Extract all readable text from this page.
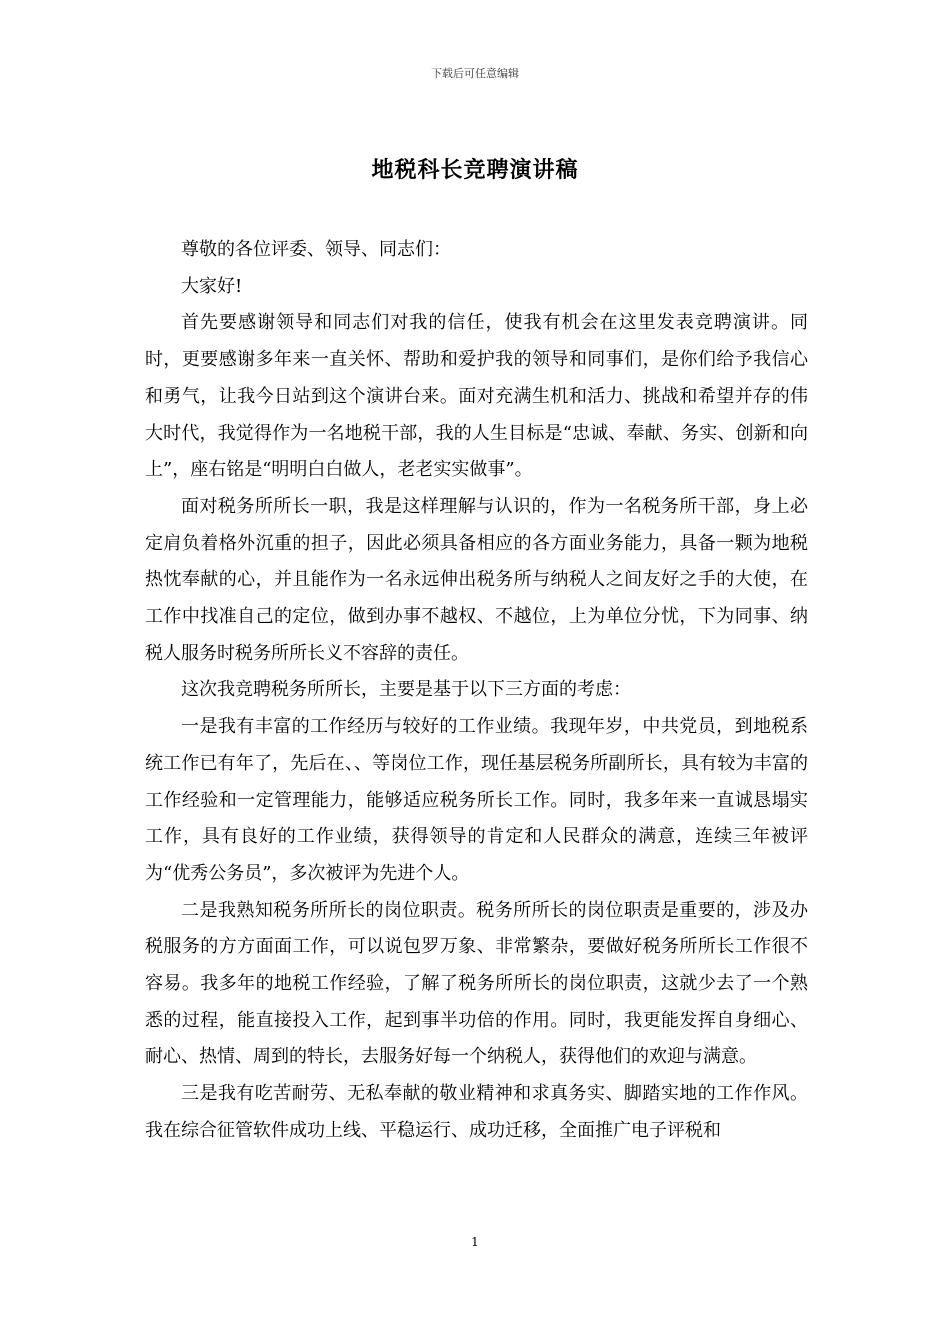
下载后可任意编辑
地税科长竞聘演讲稿

尊敬的各位评委、领导、同志们：

大家好!

首先要感谢领导和同志们对我的信任，使我有机会在这里发表竞聘演讲。同时，更要感谢多年来一直关怀、帮助和爱护我的领导和同事们，是你们给予我信心和勇气，让我今日站到这个演讲台来。面对充满生机和活力、挑战和希望并存的伟大时代，我觉得作为一名地税干部，我的人生目标是“忠诚、奉献、务实、创新和向上”，座右铭是“明明白白做人，老老实实做事”。

面对税务所所长一职，我是这样理解与认识的，作为一名税务所干部，身上必定肩负着格外沉重的担子，因此必须具备相应的各方面业务能力，具备一颗为地税热忱奉献的心，并且能作为一名永远伸出税务所与纳税人之间友好之手的大使，在工作中找准自己的定位，做到办事不越权、不越位，上为单位分忧，下为同事、纳税人服务时税务所所长义不容辞的责任。

这次我竞聘税务所所长，主要是基于以下三方面的考虑：

一是我有丰富的工作经历与较好的工作业绩。我现年岁，中共党员，到地税系统工作已有年了，先后在、、等岗位工作，现任基层税务所副所长，具有较为丰富的工作经验和一定管理能力，能够适应税务所长工作。同时，我多年来一直诚恳塌实工作，具有良好的工作业绩，获得领导的肯定和人民群众的满意，连续三年被评为“优秀公务员”，多次被评为先进个人。

二是我熟知税务所所长的岗位职责。税务所所长的岗位职责是重要的，涉及办税服务的方方面面工作，可以说包罗万象、非常繁杂，要做好税务所所长工作很不容易。我多年的地税工作经验，了解了税务所所长的岗位职责，这就少去了一个熟悉的过程，能直接投入工作，起到事半功倍的作用。同时，我更能发挥自身细心、耐心、热情、周到的特长，去服务好每一个纳税人，获得他们的欢迎与满意。

三是我有吃苦耐劳、无私奉献的敬业精神和求真务实、脚踏实地的工作作风。我在综合征管软件成功上线、平稳运行、成功迁移，全面推广电子评税和

1
